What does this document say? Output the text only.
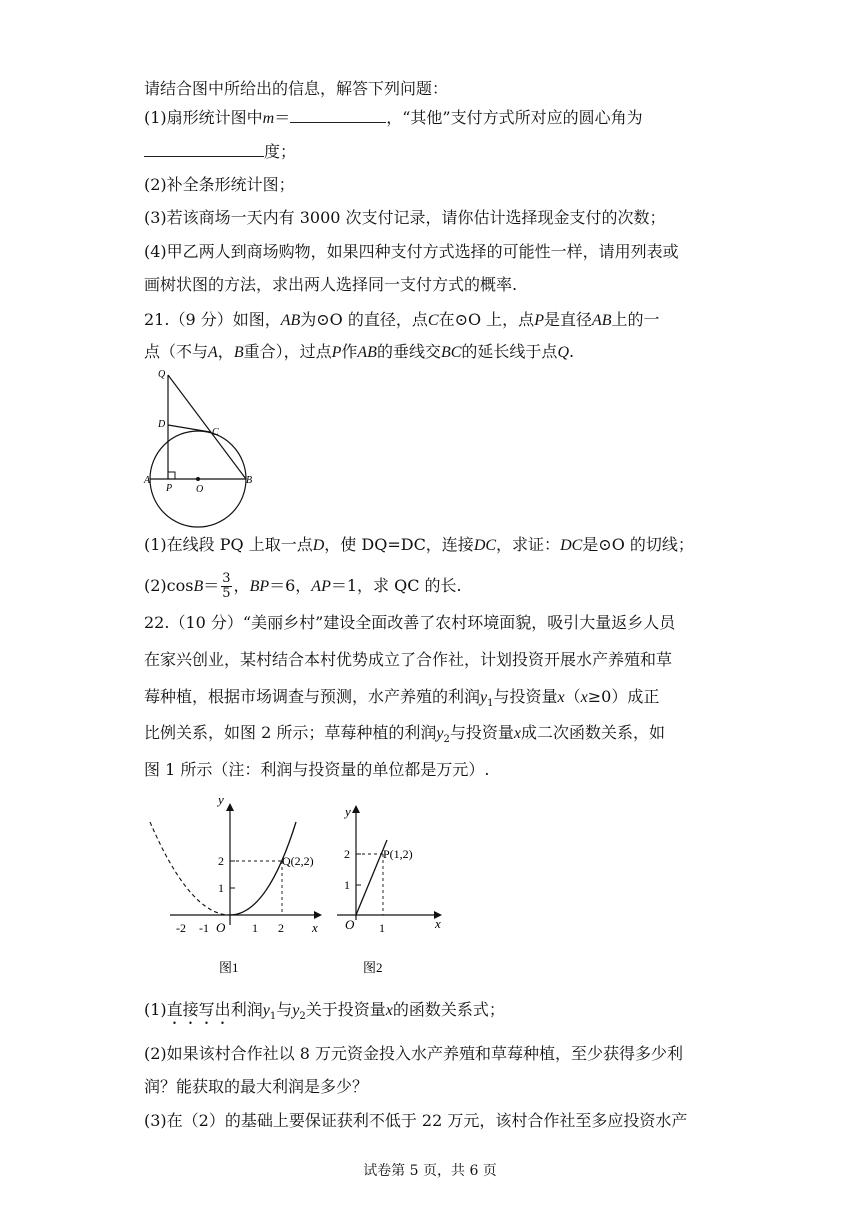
请结合图中所给出的信息，解答下列问题：
(1)扇形统计图中m＝	，“其他”支付方式所对应的圆心角为
度；
(2)补全条形统计图；
(3)若该商场一天内有 3000 次支付记录，请你估计选择现金支付的次数；
(4)甲乙两人到商场购物，如果四种支付方式选择的可能性一样，请用列表或
画树状图的方法，求出两人选择同一支付方式的概率.
21.（9 分）如图，AB为⊙O 的直径，点C在⊙O 上，点P是直径AB上的一
点（不与A，B重合），过点P作AB的垂线交BC的延长线于点Q.
Q
D
C
A
P O
B
(1)在线段 PQ 上取一点D，使 DQ=DC，连接DC，求证：DC是⊙O 的切线；
$(2)\cos B= \frac{3}{5}$ ，BP＝6，AP＝1，求 QC 的长.
22.（10 分）“美丽乡村”建设全面改善了农村环境面貌，吸引大量返乡人员
在家兴创业，某村结合本村优势成立了合作社，计划投资开展水产养殖和草
莓种植，根据市场调查与预测，水产养殖的利润$y_1$与投资量x（x≥0）成正
比例关系，如图 2 所示；草莓种植的利润$y_2$与投资量x成二次函数关系，如
图 1 所示（注：利润与投资量的单位都是万元）.
y
x
O
-2 -1	1 2
1
2	Q(2,2)
图1
y
x
O 1
1
2	P(1,2)
图2
(1)直接写出利润$y_1$与$y_2$关于投资量x的函数关系式；
(2)如果该村合作社以 8 万元资金投入水产养殖和草莓种植，至少获得多少利
润？能获取的最大利润是多少？
(3)在（2）的基础上要保证获利不低于 22 万元，该村合作社至多应投资水产
试卷第 5 页，共 6 页
